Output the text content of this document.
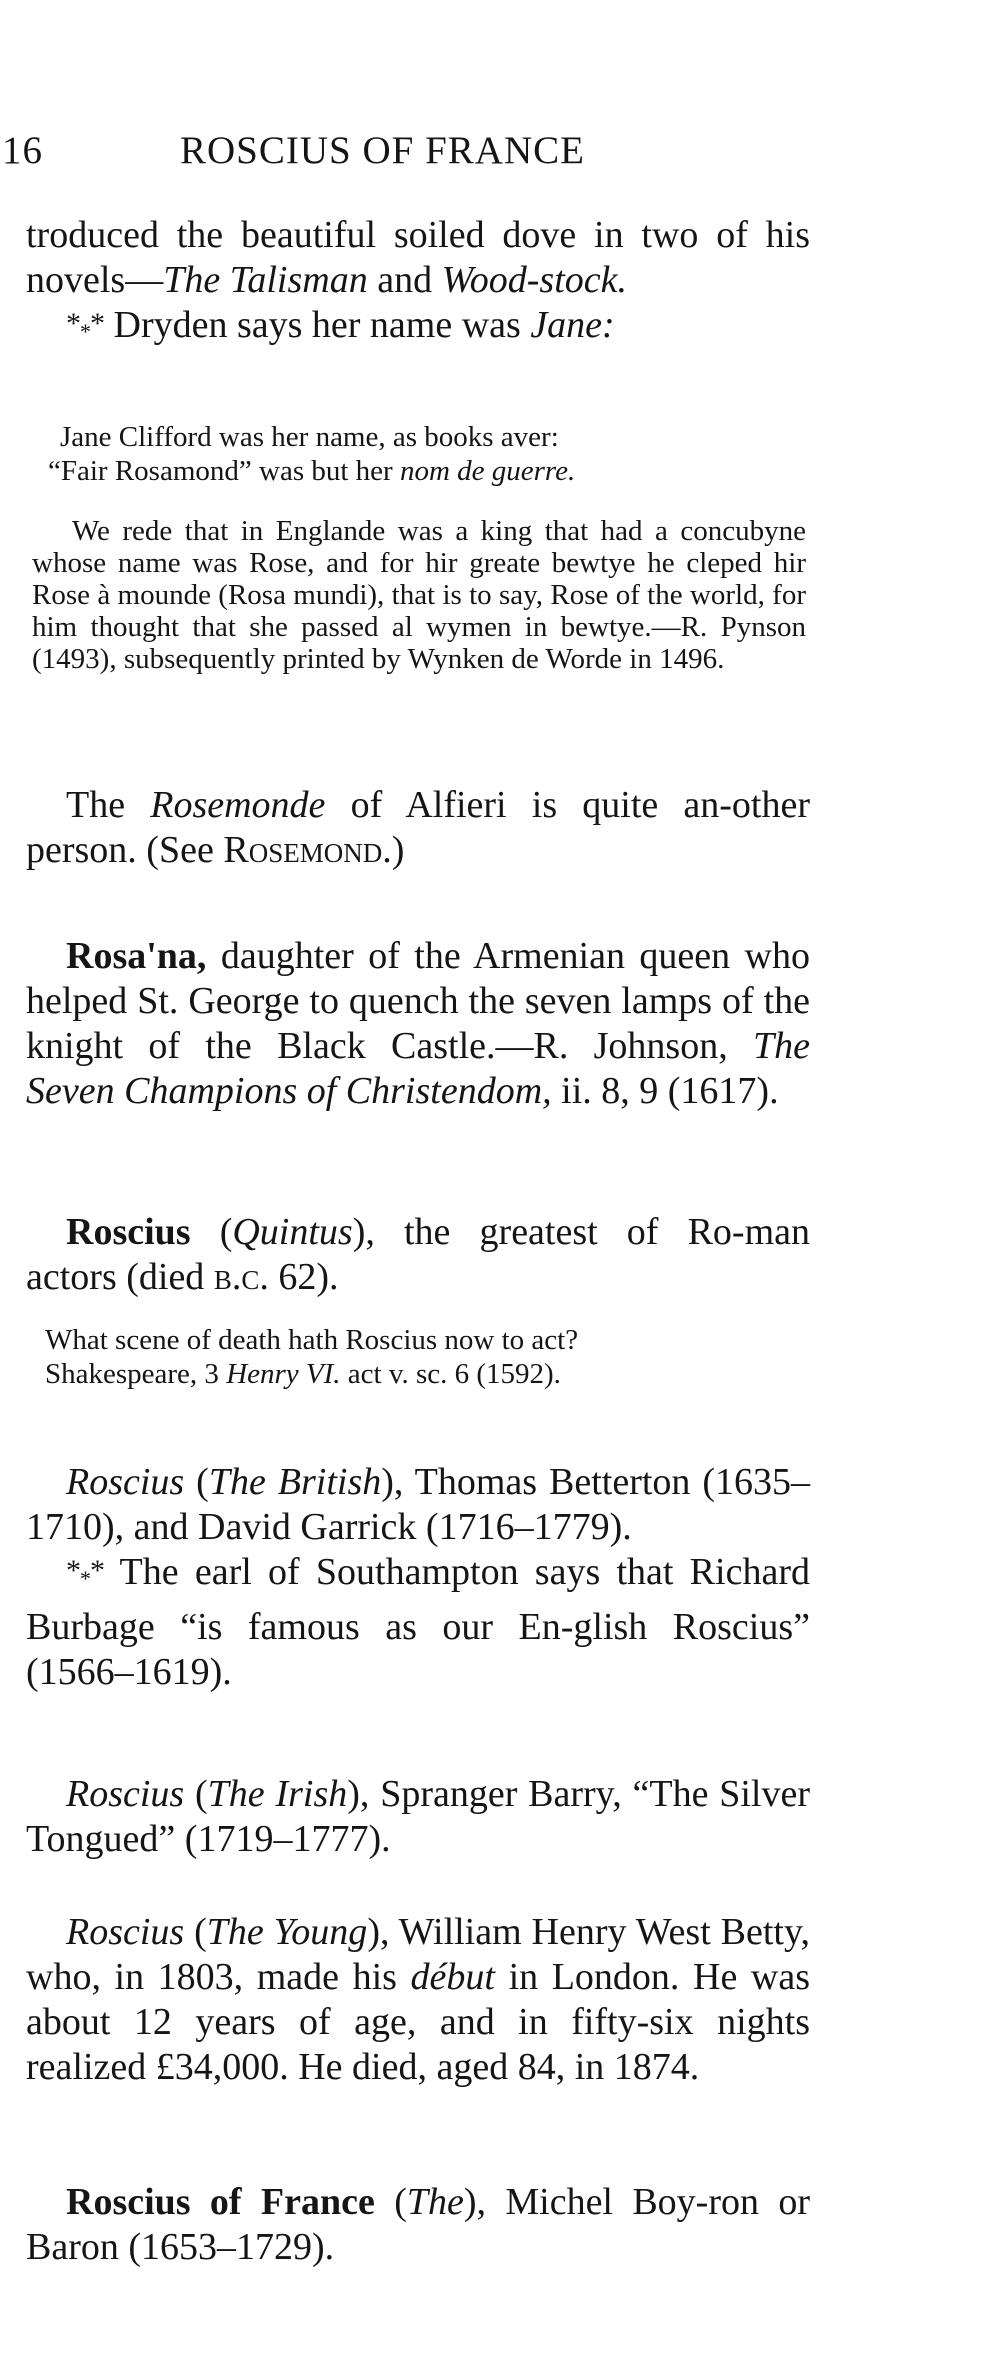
16	ROSCIUS OF FRANCE

troduced the beautiful soiled dove in two of his novels—The Talisman and Wood-stock.

$*_**$ Dryden says her name was Jane:

Jane Clifford was her name, as books aver:

“Fair Rosamond” was but her nom de guerre.

We rede that in Englande was a king that had a concubyne whose name was Rose, and for hir greate bewtye he cleped hir Rose à mounde (Rosa mundi), that is to say, Rose of the world, for him thought that she passed al wymen in bewtye.—R. Pynson (1493), subsequently printed by Wynken de Worde in 1496.

The Rosemonde of Alfieri is quite an-other person. (See Rosemond.)

Rosa'na, daughter of the Armenian queen who helped St. George to quench the seven lamps of the knight of the Black Castle.—R. Johnson, The Seven Champions of Christendom, ii. 8, 9 (1617).

Roscius (Quintus), the greatest of Ro-man actors (died b.c. 62).

What scene of death hath Roscius now to act?

Shakespeare, 3 Henry VI. act v. sc. 6 (1592).

Roscius (The British), Thomas Betterton (1635–1710), and David Garrick (1716–1779).

$*_**$ The earl of Southampton says that Richard Burbage “is famous as our En-glish Roscius” (1566–1619).

Roscius (The Irish), Spranger Barry, “The Silver Tongued” (1719–1777).

Roscius (The Young), William Henry West Betty, who, in 1803, made his début in London. He was about 12 years of age, and in fifty-six nights realized £34,000. He died, aged 84, in 1874.

Roscius of France (The), Michel Boy-ron or Baron (1653–1729).
